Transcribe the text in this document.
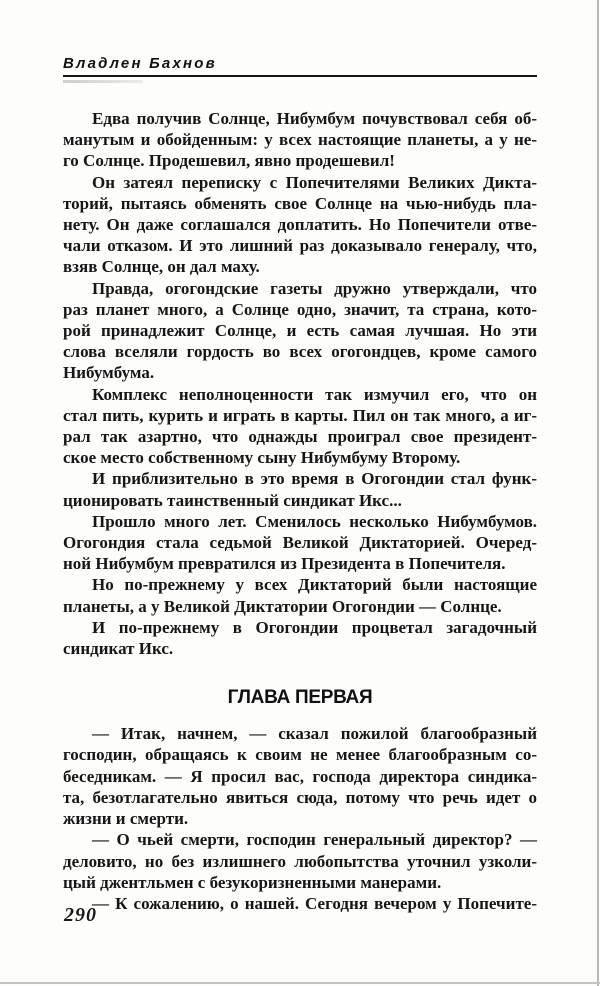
Владлен Бахнов
Едва получив Солнце, Нибумбум почувствовал себя об-
манутым и обойденным: у всех настоящие планеты, а у не-
го Солнце. Продешевил, явно продешевил!
Он затеял переписку с Попечителями Великих Дикта-
торий, пытаясь обменять свое Солнце на чью-нибудь пла-
нету. Он даже соглашался доплатить. Но Попечители отве-
чали отказом. И это лишний раз доказывало генералу, что,
взяв Солнце, он дал маху.
Правда, огогондские газеты дружно утверждали, что
раз планет много, а Солнце одно, значит, та страна, кото-
рой принадлежит Солнце, и есть самая лучшая. Но эти
слова вселяли гордость во всех огогондцев, кроме самого
Нибумбума.
Комплекс неполноценности так измучил его, что он
стал пить, курить и играть в карты. Пил он так много, а иг-
рал так азартно, что однажды проиграл свое президент-
ское место собственному сыну Нибумбуму Второму.
И приблизительно в это время в Огогондии стал функ-
ционировать таинственный синдикат Икс...
Прошло много лет. Сменилось несколько Нибумбумов.
Огогондия стала седьмой Великой Диктаторией. Очеред-
ной Нибумбум превратился из Президента в Попечителя.
Но по-прежнему у всех Диктаторий были настоящие
планеты, а у Великой Диктатории Огогондии — Солнце.
И по-прежнему в Огогондии процветал загадочный
синдикат Икс.
ГЛАВА ПЕРВАЯ
— Итак, начнем, — сказал пожилой благообразный
господин, обращаясь к своим не менее благообразным со-
беседникам. — Я просил вас, господа директора синдика-
та, безотлагательно явиться сюда, потому что речь идет о
жизни и смерти.
— О чьей смерти, господин генеральный директор? —
деловито, но без излишнего любопытства уточнил узколи-
цый джентльмен с безукоризненными манерами.
— К сожалению, о нашей. Сегодня вечером у Попечите-
290
